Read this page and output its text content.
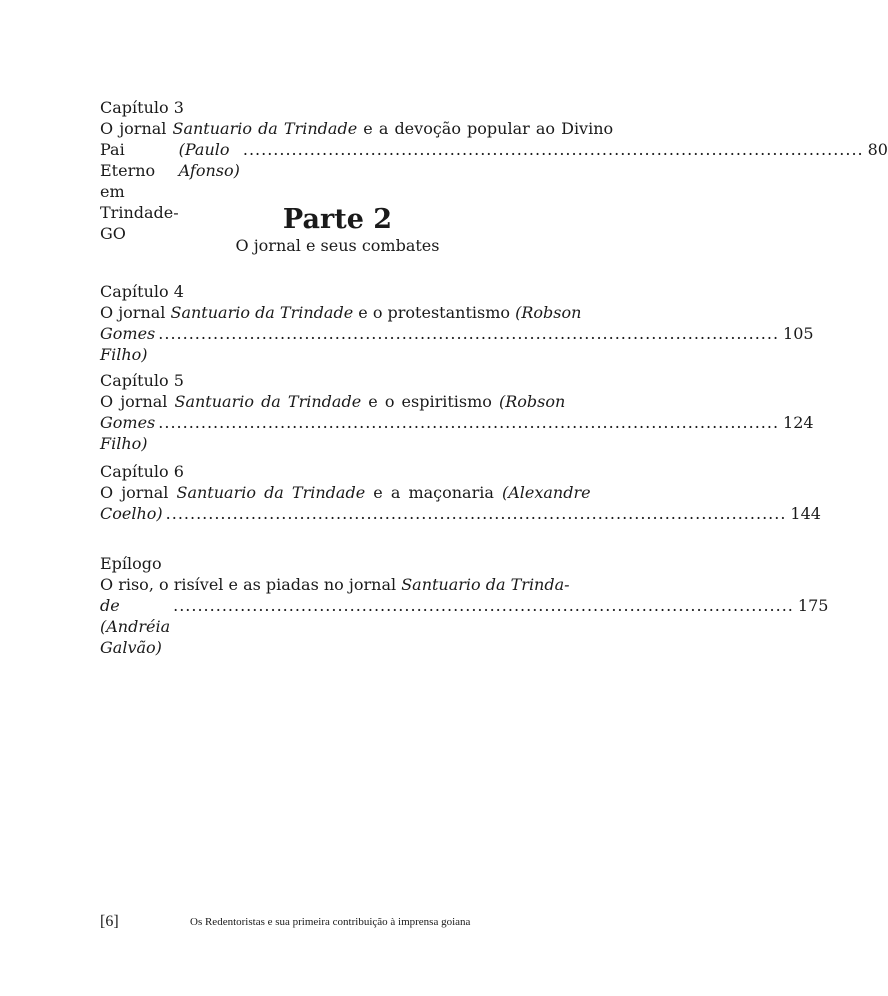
Capítulo 3
O jornal Santuario da Trindade e a devoção popular ao Divino
Pai Eterno em Trindade-GO
(Paulo Afonso)
...................................................................................................... 80
Parte 2
O jornal e seus combates
Capítulo 4
O jornal Santuario da Trindade e o protestantismo (Robson
Gomes Filho)
...................................................................................................... 105
Capítulo 5
O jornal Santuario da Trindade e o espiritismo (Robson
Gomes Filho)
...................................................................................................... 124
Capítulo 6
O jornal Santuario da Trindade e a maçonaria (Alexandre
Coelho) ...................................................................................................... 144
Epílogo
O riso, o risível e as piadas no jornal Santuario da Trinda-
de (Andréia Galvão)
...................................................................................................... 175
[6]	Os Redentoristas e sua primeira contribuição à imprensa goiana
